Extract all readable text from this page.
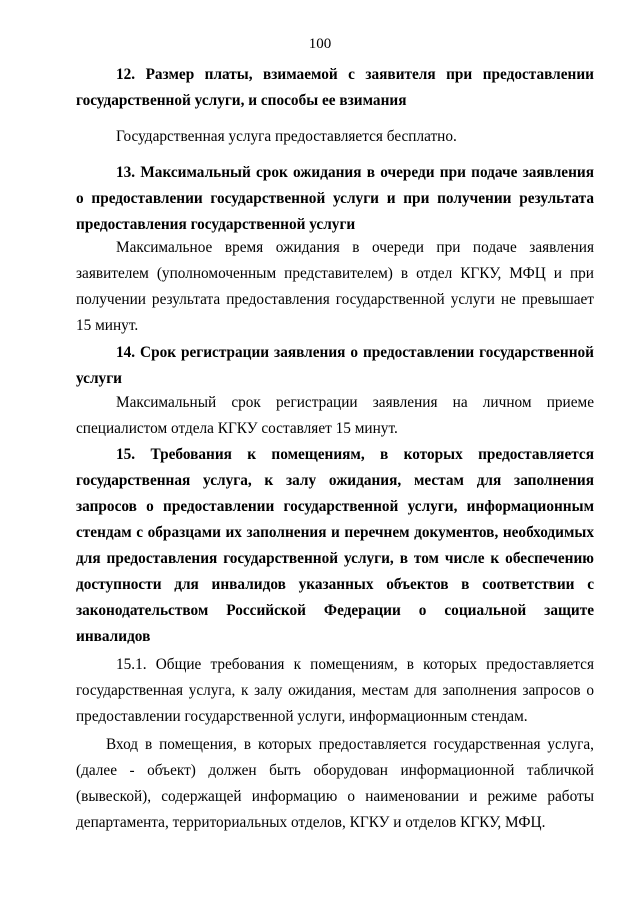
100
12. Размер платы, взимаемой с заявителя при предоставлении государственной услуги, и способы ее взимания
Государственная услуга предоставляется бесплатно.
13. Максимальный срок ожидания в очереди при подаче заявления о предоставлении государственной услуги и при получении результата предоставления государственной услуги
Максимальное время ожидания в очереди при подаче заявления заявителем (уполномоченным представителем) в отдел КГКУ, МФЦ и при получении результата предоставления государственной услуги не превышает 15 минут.
14. Срок регистрации заявления о предоставлении государственной услуги
Максимальный срок регистрации заявления на личном приеме специалистом отдела КГКУ составляет 15 минут.
15. Требования к помещениям, в которых предоставляется государственная услуга, к залу ожидания, местам для заполнения запросов о предоставлении государственной услуги, информационным стендам с образцами их заполнения и перечнем документов, необходимых для предоставления государственной услуги, в том числе к обеспечению доступности для инвалидов указанных объектов в соответствии с законодательством Российской Федерации о социальной защите инвалидов
15.1. Общие требования к помещениям, в которых предоставляется государственная услуга, к залу ожидания, местам для заполнения запросов о предоставлении государственной услуги, информационным стендам.
Вход в помещения, в которых предоставляется государственная услуга, (далее - объект) должен быть оборудован информационной табличкой (вывеской), содержащей информацию о наименовании и режиме работы департамента, территориальных отделов, КГКУ и отделов КГКУ, МФЦ.
